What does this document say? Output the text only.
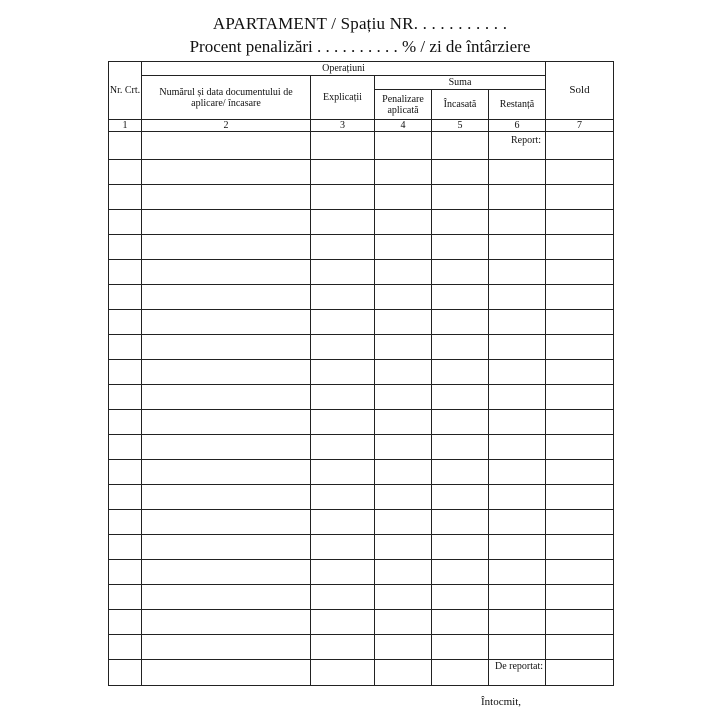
APARTAMENT / Spațiu NR. . . . . . . . . . .
Procent penalizări . . . . . . . . . . % / zi de întârziere
Nr. Crt.	Operațiuni					Sold
	Numărul și data documentului de aplicare/ încasare	Explicații	Suma			
			Penalizare aplicată	Încasată	Restanță	
1	2	3	4	5	6	7
					Report:	

					De reportat:	
Întocmit,
